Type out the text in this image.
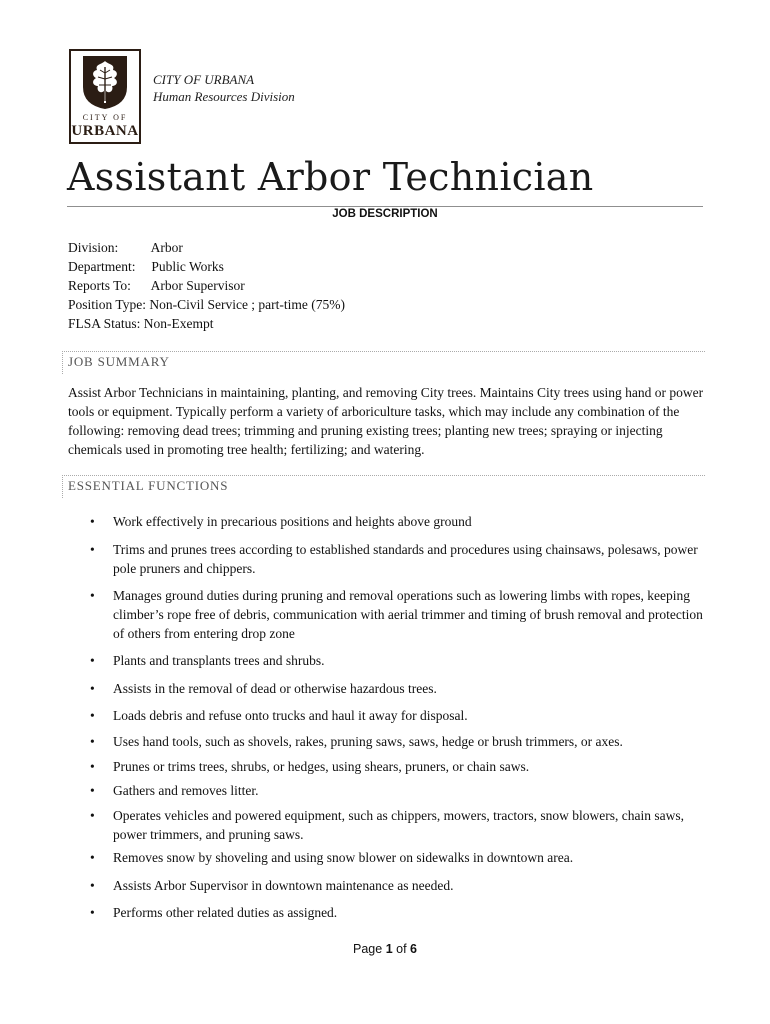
CITY OF
URBANA
CITY OF URBANA
Human Resources Division
Assistant Arbor Technician
JOB DESCRIPTION
Division: Arbor
Department: Public Works
Reports To: Arbor Supervisor
Position Type: Non-Civil Service ; part-time (75%)
FLSA Status: Non-Exempt
JOB SUMMARY

Assist Arbor Technicians in maintaining, planting, and removing City trees. Maintains City trees using hand or power tools or equipment. Typically perform a variety of arboriculture tasks, which may include any combination of the following: removing dead trees; trimming and pruning existing trees; planting new trees; spraying or injecting chemicals used in promoting tree health; fertilizing; and watering.

ESSENTIAL FUNCTIONS
• Work effectively in precarious positions and heights above ground
• Trims and prunes trees according to established standards and procedures using chainsaws, polesaws, power pole pruners and chippers.
• Manages ground duties during pruning and removal operations such as lowering limbs with ropes, keeping climber’s rope free of debris, communication with aerial trimmer and timing of brush removal and protection of others from entering drop zone
• Plants and transplants trees and shrubs.
• Assists in the removal of dead or otherwise hazardous trees.
• Loads debris and refuse onto trucks and haul it away for disposal.
• Uses hand tools, such as shovels, rakes, pruning saws, saws, hedge or brush trimmers, or axes.
• Prunes or trims trees, shrubs, or hedges, using shears, pruners, or chain saws.
• Gathers and removes litter.
• Operates vehicles and powered equipment, such as chippers, mowers, tractors, snow blowers, chain saws, power trimmers, and pruning saws.
• Removes snow by shoveling and using snow blower on sidewalks in downtown area.
• Assists Arbor Supervisor in downtown maintenance as needed.
• Performs other related duties as assigned.
Page 1 of 6
